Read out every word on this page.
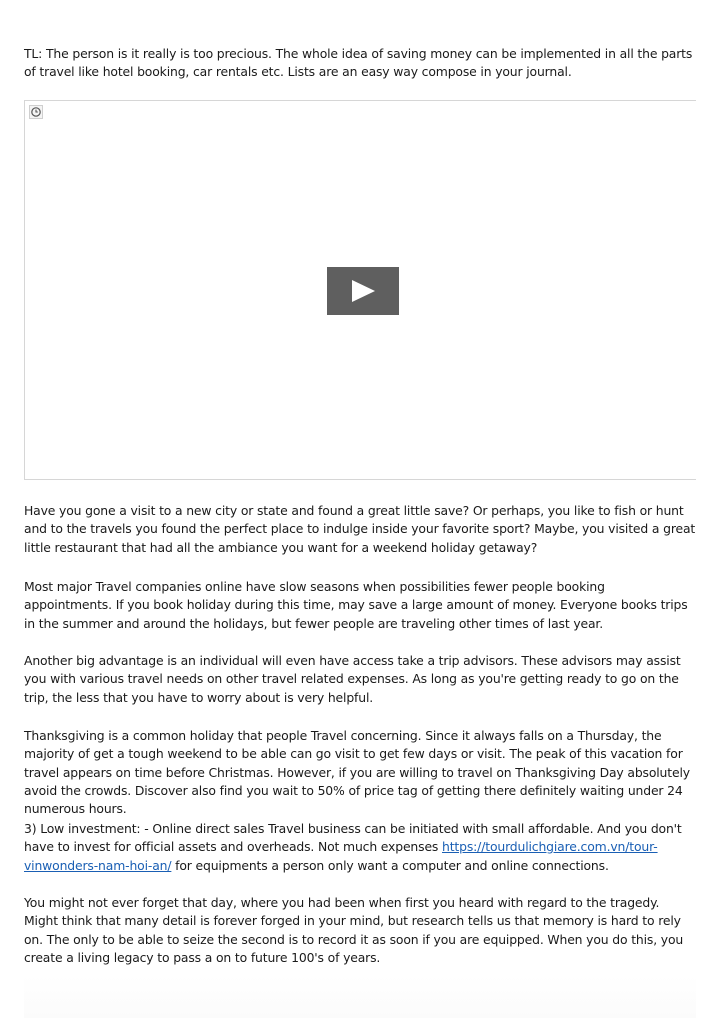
TL: The person is it really is too precious. The whole idea of saving money can be implemented in all the parts of travel like hotel booking, car rentals etc. Lists are an easy way compose in your journal.

Have you gone a visit to a new city or state and found a great little save? Or perhaps, you like to fish or hunt and to the travels you found the perfect place to indulge inside your favorite sport? Maybe, you visited a great little restaurant that had all the ambiance you want for a weekend holiday getaway?

Most major Travel companies online have slow seasons when possibilities fewer people booking appointments. If you book holiday during this time, may save a large amount of money. Everyone books trips in the summer and around the holidays, but fewer people are traveling other times of last year.

Another big advantage is an individual will even have access take a trip advisors. These advisors may assist you with various travel needs on other travel related expenses. As long as you're getting ready to go on the trip, the less that you have to worry about is very helpful.

Thanksgiving is a common holiday that people Travel concerning. Since it always falls on a Thursday, the majority of get a tough weekend to be able can go visit to get few days or visit. The peak of this vacation for travel appears on time before Christmas. However, if you are willing to travel on Thanksgiving Day absolutely avoid the crowds. Discover also find you wait to 50% of price tag of getting there definitely waiting under 24 numerous hours.

3) Low investment: - Online direct sales Travel business can be initiated with small affordable. And you don't have to invest for official assets and overheads. Not much expenses https://tourdulichgiare.com.vn/tour-vinwonders-nam-hoi-an/ for equipments a person only want a computer and online connections.

You might not ever forget that day, where you had been when first you heard with regard to the tragedy. Might think that many detail is forever forged in your mind, but research tells us that memory is hard to rely on. The only to be able to seize the second is to record it as soon if you are equipped. When you do this, you create a living legacy to pass a on to future 100's of years.
